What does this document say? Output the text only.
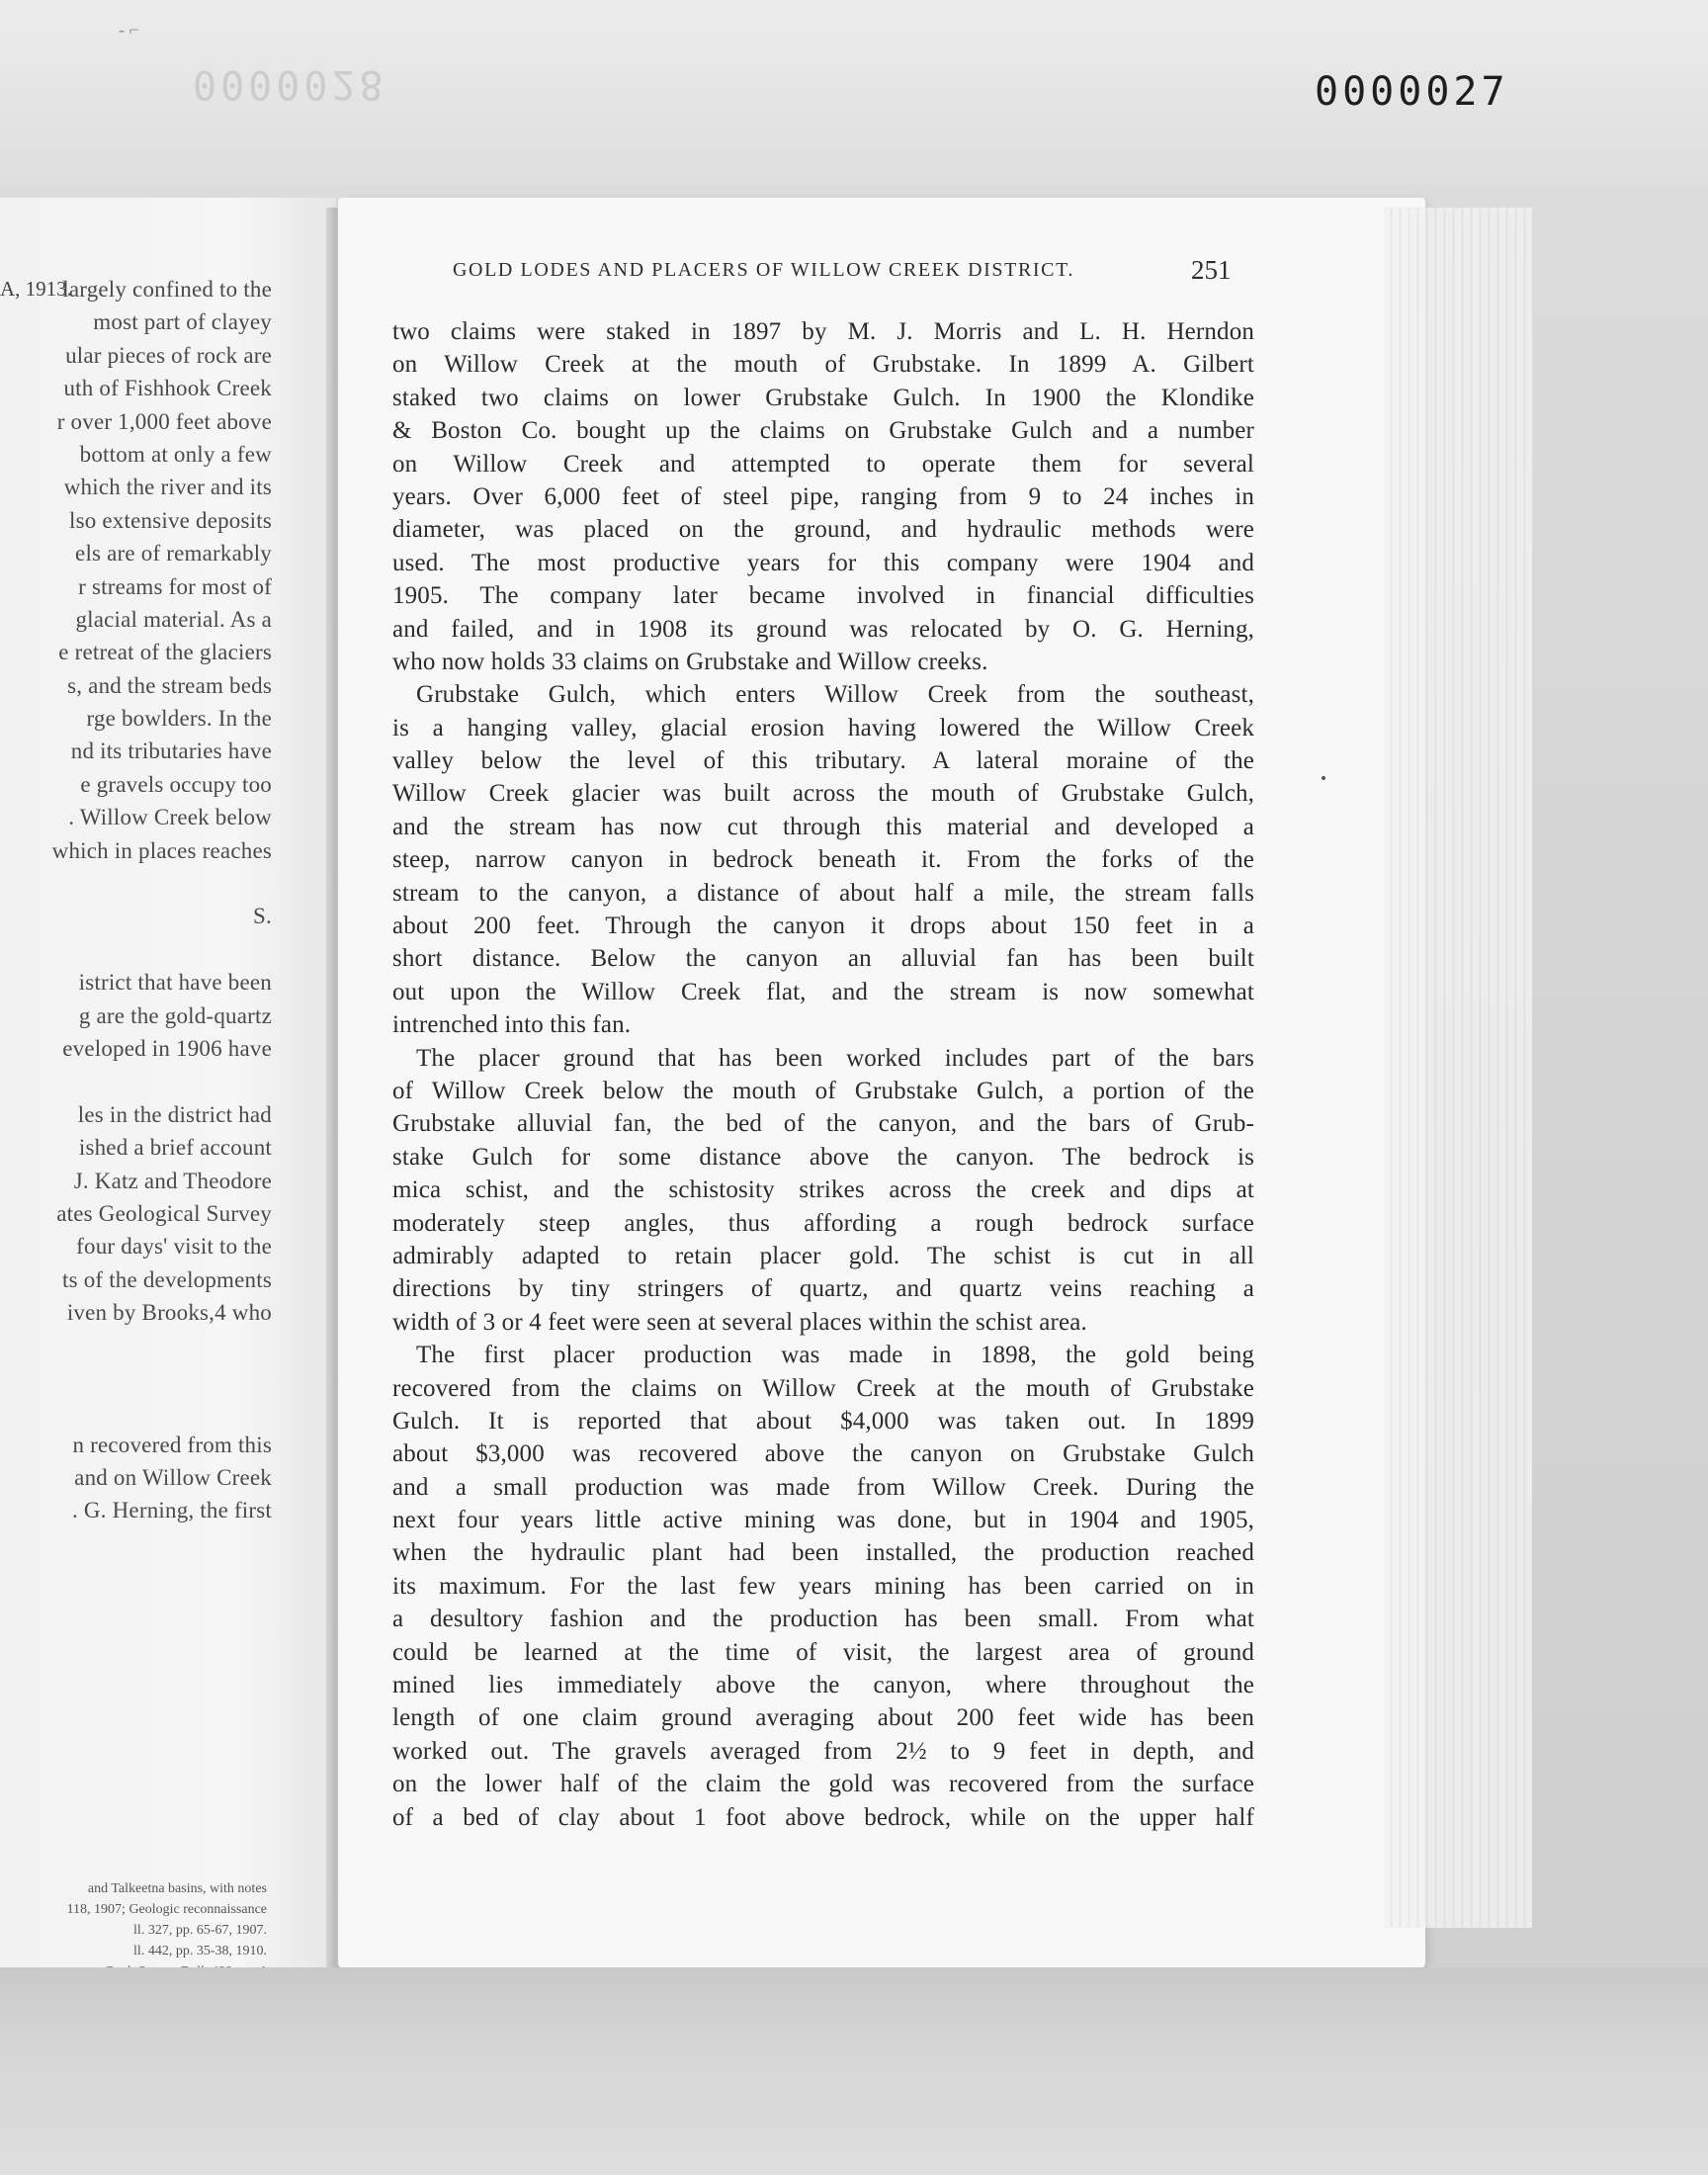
‐ ⌐
0000028	0000027
A, 1913.
largely confined to the
most part of clayey
ular pieces of rock are
uth of Fishhook Creek
r over 1,000 feet above
bottom at only a few
which the river and its
lso extensive deposits
els are of remarkably
r streams for most of
glacial material. As a
e retreat of the glaciers
s, and the stream beds
rge bowlders. In the
nd its tributaries have
e gravels occupy too
. Willow Creek below
which in places reaches
S.
istrict that have been
g are the gold-quartz
eveloped in 1906 have
les in the district had
ished a brief account
J. Katz and Theodore
ates Geological Survey
four days' visit to the
ts of the developments
iven by Brooks,4 who
n recovered from this
and on Willow Creek
. G. Herning, the first
and Talkeetna basins, with notes
118, 1907; Geologic reconnaissance
ll. 327, pp. 65-67, 1907.
ll. 442, pp. 35-38, 1910.
GOLD LODES AND PLACERS OF WILLOW CREEK DISTRICT.	251
two claims were staked in 1897 by M. J. Morris and L. H. Herndon
on Willow Creek at the mouth of Grubstake. In 1899 A. Gilbert
staked two claims on lower Grubstake Gulch. In 1900 the Klondike
& Boston Co. bought up the claims on Grubstake Gulch and a number
on Willow Creek and attempted to operate them for several
years. Over 6,000 feet of steel pipe, ranging from 9 to 24 inches in
diameter, was placed on the ground, and hydraulic methods were
used. The most productive years for this company were 1904 and
1905. The company later became involved in financial difficulties
and failed, and in 1908 its ground was relocated by O. G. Herning,
who now holds 33 claims on Grubstake and Willow creeks.
Grubstake Gulch, which enters Willow Creek from the southeast,
is a hanging valley, glacial erosion having lowered the Willow Creek
valley below the level of this tributary. A lateral moraine of the
Willow Creek glacier was built across the mouth of Grubstake Gulch,
and the stream has now cut through this material and developed a
steep, narrow canyon in bedrock beneath it. From the forks of the
stream to the canyon, a distance of about half a mile, the stream falls
about 200 feet. Through the canyon it drops about 150 feet in a
short distance. Below the canyon an alluvial fan has been built
out upon the Willow Creek flat, and the stream is now somewhat
intrenched into this fan.
The placer ground that has been worked includes part of the bars
of Willow Creek below the mouth of Grubstake Gulch, a portion of the
Grubstake alluvial fan, the bed of the canyon, and the bars of Grub-
stake Gulch for some distance above the canyon. The bedrock is
mica schist, and the schistosity strikes across the creek and dips at
moderately steep angles, thus affording a rough bedrock surface
admirably adapted to retain placer gold. The schist is cut in all
directions by tiny stringers of quartz, and quartz veins reaching a
width of 3 or 4 feet were seen at several places within the schist area.
The first placer production was made in 1898, the gold being
recovered from the claims on Willow Creek at the mouth of Grubstake
Gulch. It is reported that about $4,000 was taken out. In 1899
about $3,000 was recovered above the canyon on Grubstake Gulch
and a small production was made from Willow Creek. During the
next four years little active mining was done, but in 1904 and 1905,
when the hydraulic plant had been installed, the production reached
its maximum. For the last few years mining has been carried on in
a desultory fashion and the production has been small. From what
could be learned at the time of visit, the largest area of ground
mined lies immediately above the canyon, where throughout the
length of one claim ground averaging about 200 feet wide has been
worked out. The gravels averaged from 2½ to 9 feet in depth, and
on the lower half of the claim the gold was recovered from the surface
of a bed of clay about 1 foot above bedrock, while on the upper half
